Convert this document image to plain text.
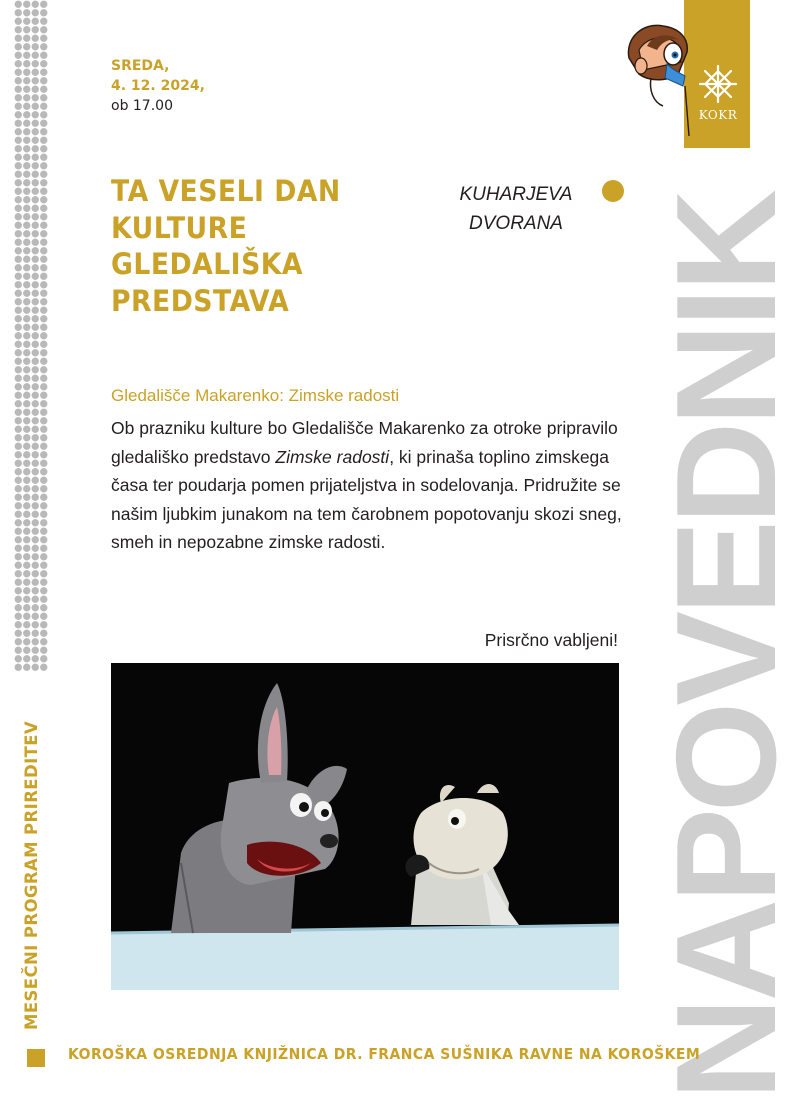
SREDA,
4. 12. 2024,
ob 17.00
TA VESELI DAN
KULTURE
GLEDALIŠKA
PREDSTAVA
KUHARJEVA
DVORANA NAPOVEDNIK
KOKR
Gledališče Makarenko: Zimske radosti
Ob prazniku kulture bo Gledališče Makarenko za otroke pripravilo gledališko predstavo Zimske radosti, ki prinaša toplino zimskega časa ter poudarja pomen prijateljstva in sodelovanja. Pridružite se našim ljubkim junakom na tem čarobnem popotovanju skozi sneg, smeh in nepozabne zimske radosti.
Prisrčno vabljeni!
MESEČNI PROGRAM PRIREDITEV
KOROŠKA OSREDNJA KNJIŽNICA DR. FRANCA SUŠNIKA RAVNE NA KOROŠKEM
